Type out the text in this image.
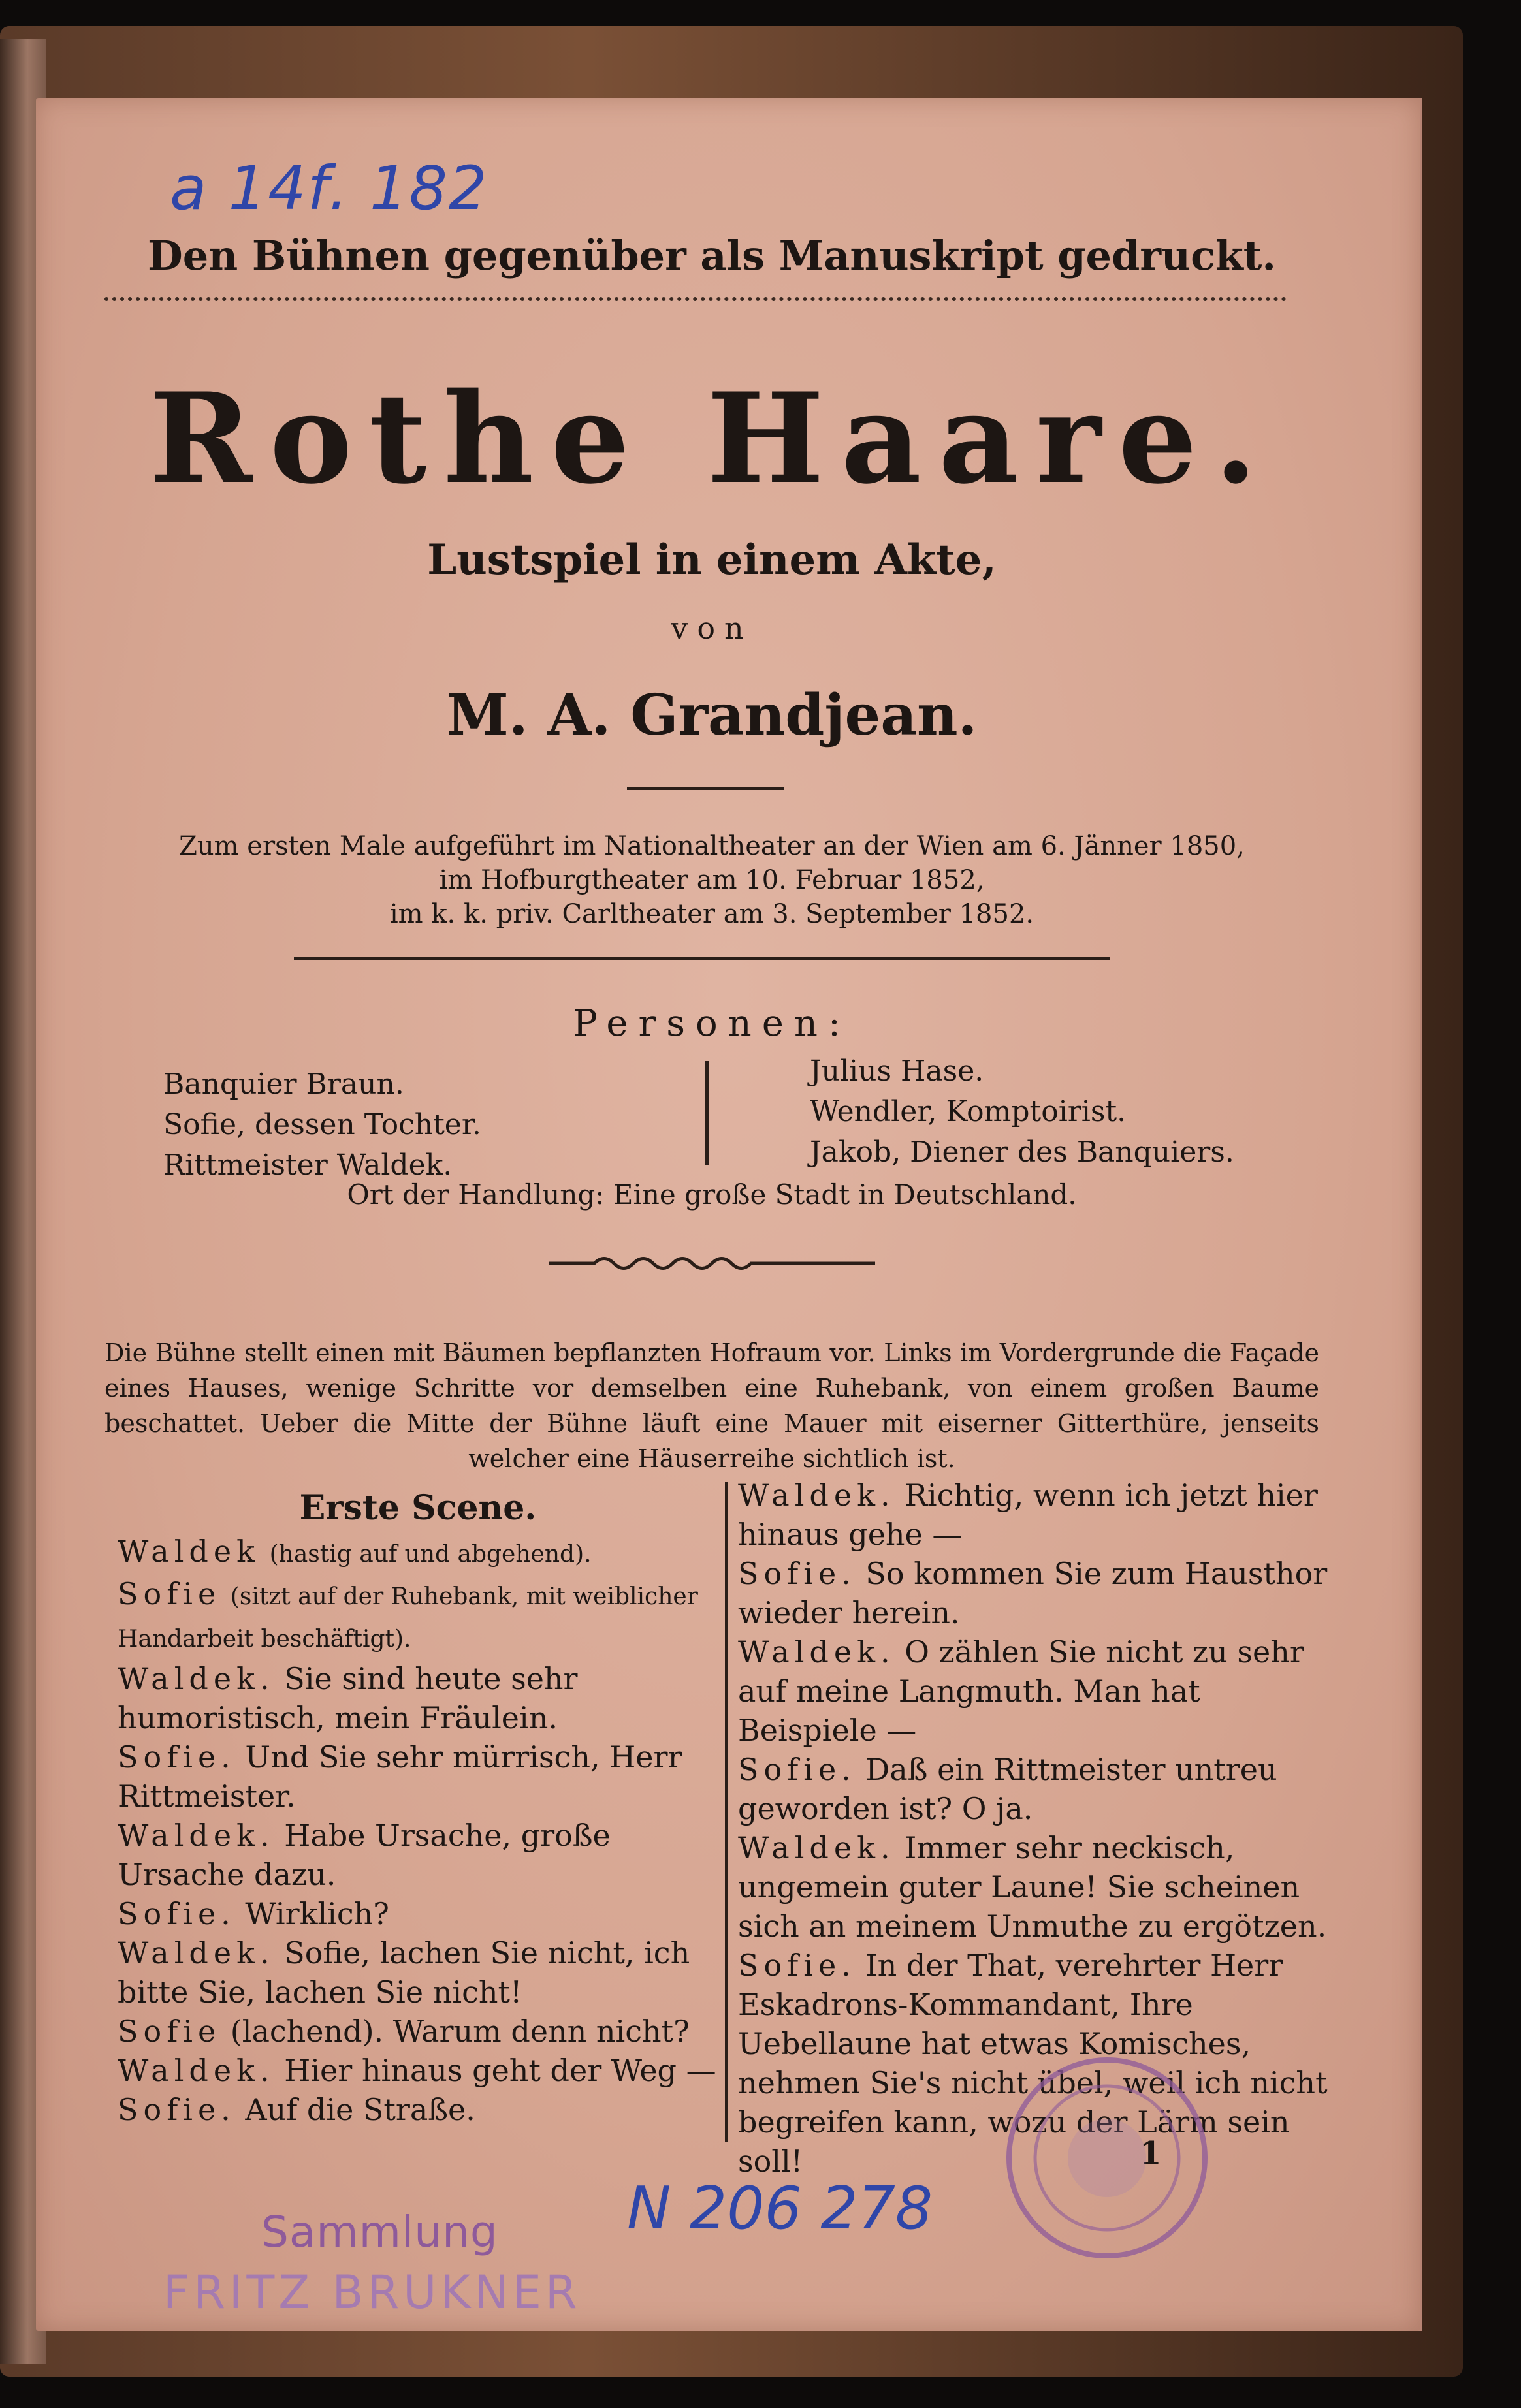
a 14f. 182
Den Bühnen gegenüber als Manuskript gedruckt.
Rothe Haare.
Lustspiel in einem Akte,
von
M. A. Grandjean.
Zum ersten Male aufgeführt im Nationaltheater an der Wien am 6. Jänner 1850,
im Hofburgtheater am 10. Februar 1852,
im k. k. priv. Carltheater am 3. September 1852.
Personen:
Banquier Braun.
Sofie, dessen Tochter.
Rittmeister Waldek.
Julius Hase.
Wendler, Komptoirist.
Jakob, Diener des Banquiers.
Ort der Handlung: Eine große Stadt in Deutschland.
Die Bühne stellt einen mit Bäumen bepflanzten Hofraum vor. Links im Vordergrunde die Façade eines Hauses, wenige Schritte vor demselben eine Ruhebank, von einem großen Baume beschattet. Ueber die Mitte der Bühne läuft eine Mauer mit eiserner Gitterthüre, jenseits welcher eine Häuserreihe sichtlich ist.

Erste Scene.

Waldek (hastig auf und abgehend).

Sofie (sitzt auf der Ruhebank, mit weiblicher Handarbeit beschäftigt).

Waldek. Sie sind heute sehr humoristisch, mein Fräulein.

Sofie. Und Sie sehr mürrisch, Herr Rittmeister.

Waldek. Habe Ursache, große Ursache dazu.

Sofie. Wirklich?

Waldek. Sofie, lachen Sie nicht, ich bitte Sie, lachen Sie nicht!

Sofie (lachend). Warum denn nicht?

Waldek. Hier hinaus geht der Weg —

Sofie. Auf die Straße.

Waldek. Richtig, wenn ich jetzt hier hinaus gehe —

Sofie. So kommen Sie zum Hausthor wieder herein.

Waldek. O zählen Sie nicht zu sehr auf meine Langmuth. Man hat Beispiele —

Sofie. Daß ein Rittmeister untreu geworden ist? O ja.

Waldek. Immer sehr neckisch, ungemein guter Laune! Sie scheinen sich an meinem Unmuthe zu ergötzen.

Sofie. In der That, verehrter Herr Eskadrons-Kommandant, Ihre Uebellaune hat etwas Komisches, nehmen Sie's nicht übel, weil ich nicht begreifen kann, wozu der Lärm sein soll!	1
N 206 278
Sammlung
FRITZ BRUKNER
